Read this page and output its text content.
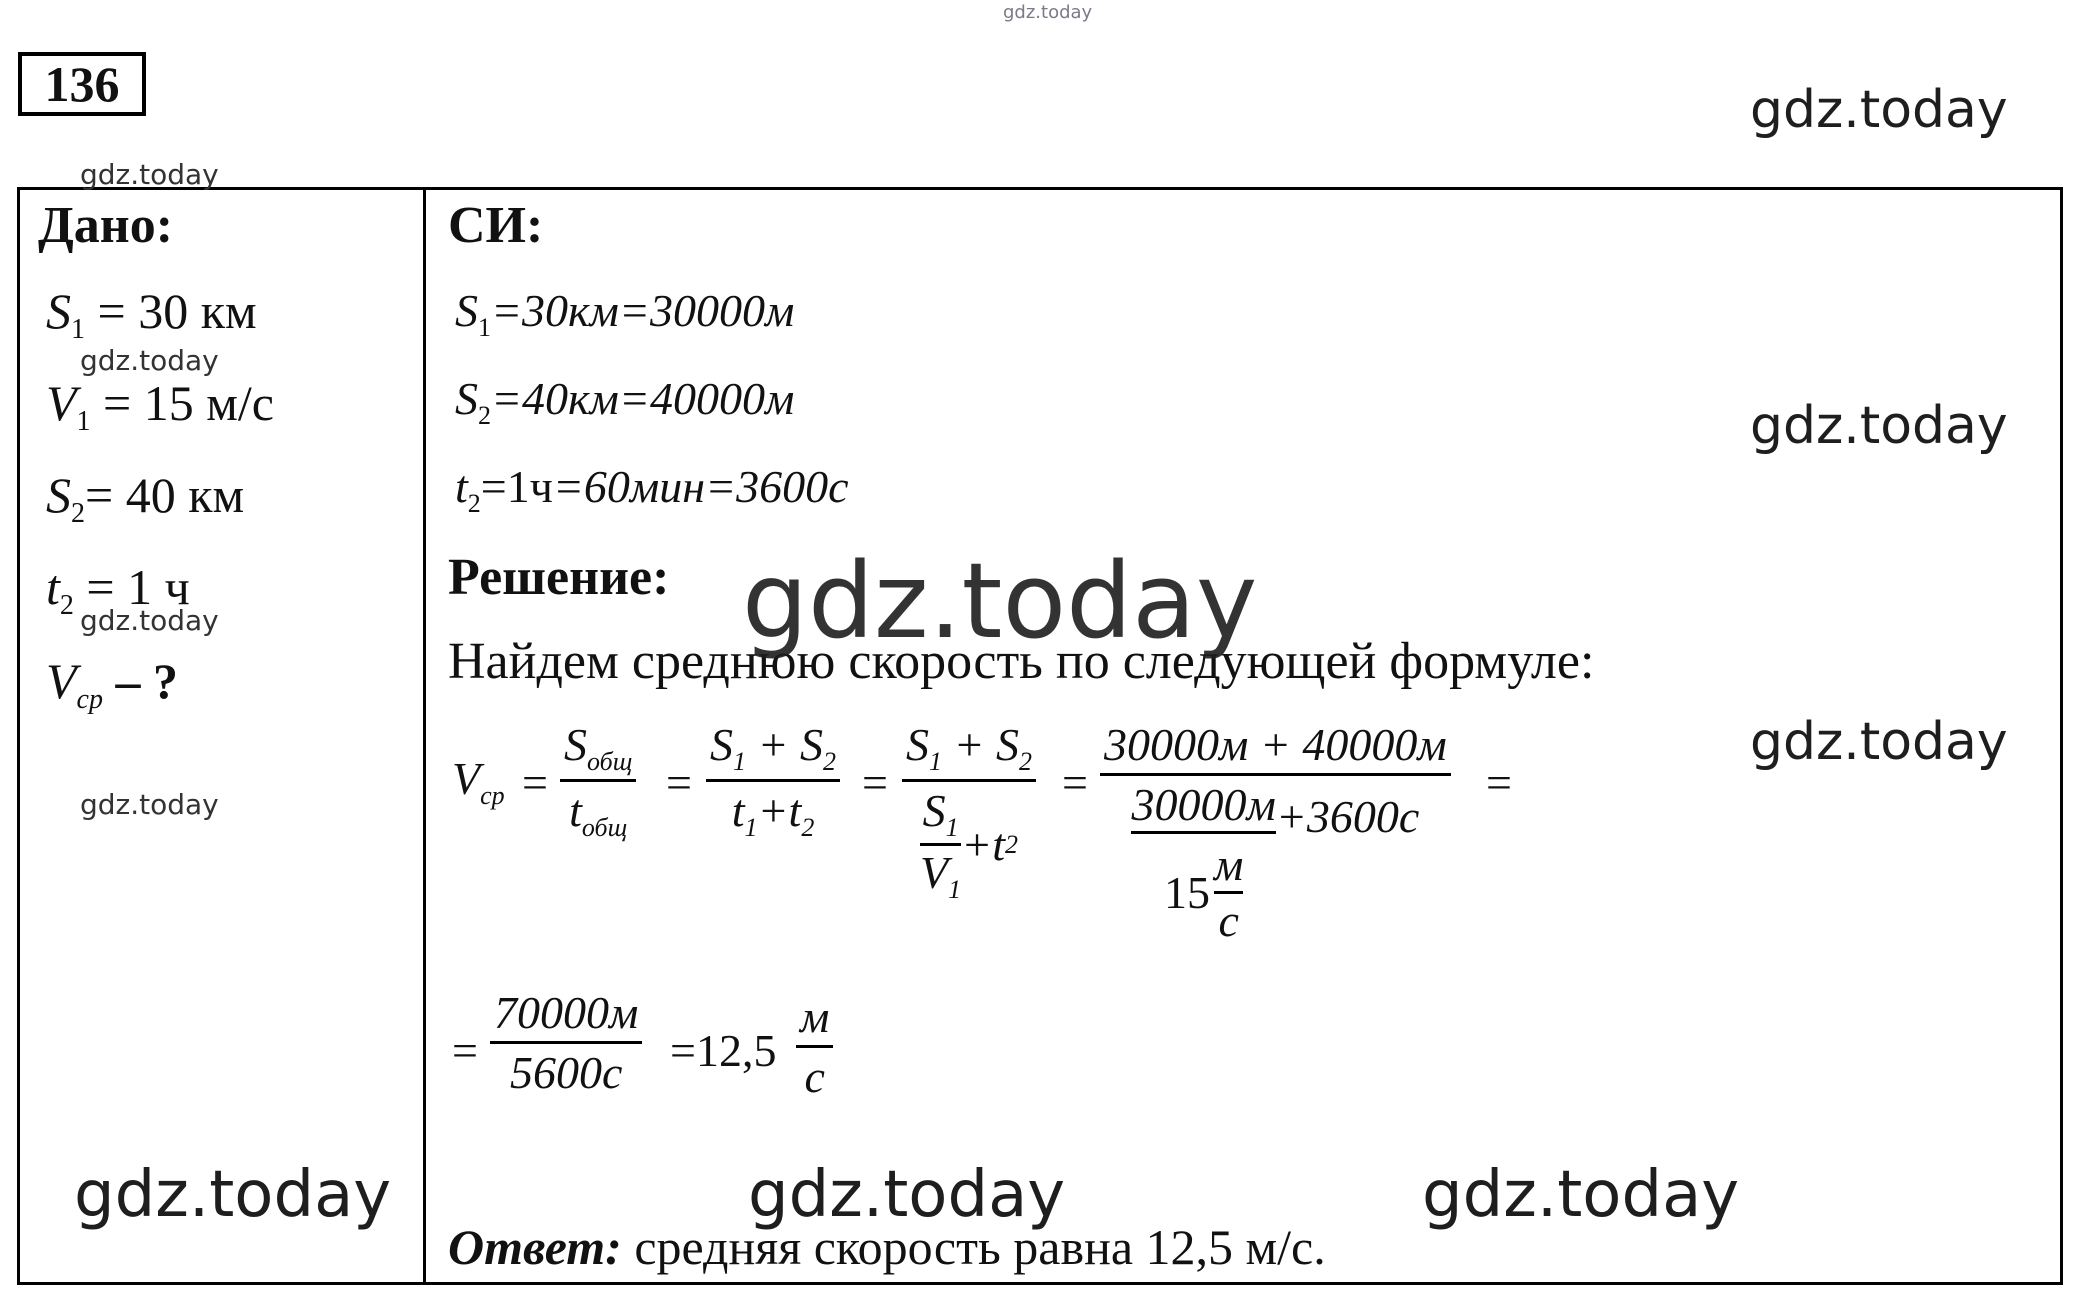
gdz.today
136
Дано:
$S_1 = 30$ км
$V_1 = 15$ м/с
$S_2= 40$ км
$t_2 = 1$ ч
$V_{ср}$ – ?
СИ:
$S_1=30км=30000м$
$S_2=40км=40000м$
$t_2=1ч=60мин=3600с$
Решение:
Найдем среднюю скорость по следующей формуле:
$V_{ср}$ =
$S_{общ}$
$t_{общ}$
= $\frac{S_1 + S_2}{t_1+t_2} = S_1 + S_2$
$S_1$
$V_1$
+t 2 =
30000м + 40000м
30000м
15
м
с
+3600с
=
=
70000м
5600с	=12,5
м
с
Ответ: средняя скорость равна 12,5 м/с.
gdz.today
gdz.today
gdz.today
gdz.today
gdz.today
gdz.today
gdz.today
gdz.today
gdz.today	gdz.today	gdz.today
